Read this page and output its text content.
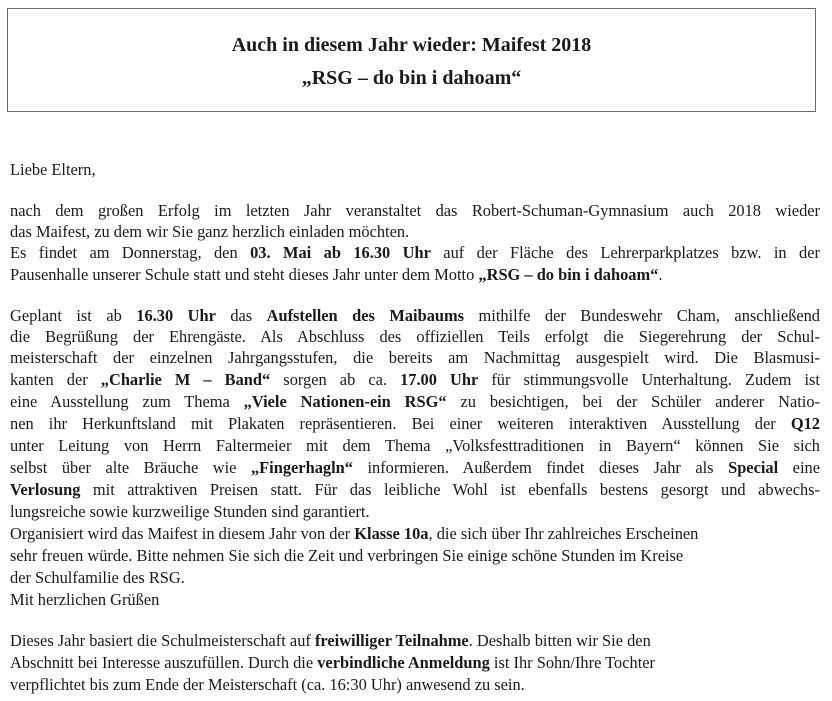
Auch in diesem Jahr wieder: Maifest 2018
„RSG – do bin i dahoam“
Liebe Eltern,
nach dem großen Erfolg im letzten Jahr veranstaltet das Robert-Schuman-Gymnasium auch 2018 wieder
das Maifest, zu dem wir Sie ganz herzlich einladen möchten.
Es findet am Donnerstag, den 03. Mai ab 16.30 Uhr auf der Fläche des Lehrerparkplatzes bzw. in der
Pausenhalle unserer Schule statt und steht dieses Jahr unter dem Motto „RSG – do bin i dahoam“.
Geplant ist ab 16.30 Uhr das Aufstellen des Maibaums mithilfe der Bundeswehr Cham, anschließend
die Begrüßung der Ehrengäste. Als Abschluss des offiziellen Teils erfolgt die Siegerehrung der Schul-
meisterschaft der einzelnen Jahrgangsstufen, die bereits am Nachmittag ausgespielt wird. Die Blasmusi-
kanten der „Charlie M – Band“ sorgen ab ca. 17.00 Uhr für stimmungsvolle Unterhaltung. Zudem ist
eine Ausstellung zum Thema „Viele Nationen-ein RSG“ zu besichtigen, bei der Schüler anderer Natio-
nen ihr Herkunftsland mit Plakaten repräsentieren. Bei einer weiteren interaktiven Ausstellung der Q12
unter Leitung von Herrn Faltermeier mit dem Thema „Volksfesttraditionen in Bayern“ können Sie sich
selbst über alte Bräuche wie „Fingerhagln“ informieren. Außerdem findet dieses Jahr als Special eine
Verlosung mit attraktiven Preisen statt. Für das leibliche Wohl ist ebenfalls bestens gesorgt und abwechs-
lungsreiche sowie kurzweilige Stunden sind garantiert.
Organisiert wird das Maifest in diesem Jahr von der Klasse 10a, die sich über Ihr zahlreiches Erscheinen
sehr freuen würde. Bitte nehmen Sie sich die Zeit und verbringen Sie einige schöne Stunden im Kreise
der Schulfamilie des RSG.
Mit herzlichen Grüßen
Dieses Jahr basiert die Schulmeisterschaft auf freiwilliger Teilnahme. Deshalb bitten wir Sie den
Abschnitt bei Interesse auszufüllen. Durch die verbindliche Anmeldung ist Ihr Sohn/Ihre Tochter
verpflichtet bis zum Ende der Meisterschaft (ca. 16:30 Uhr) anwesend zu sein.
